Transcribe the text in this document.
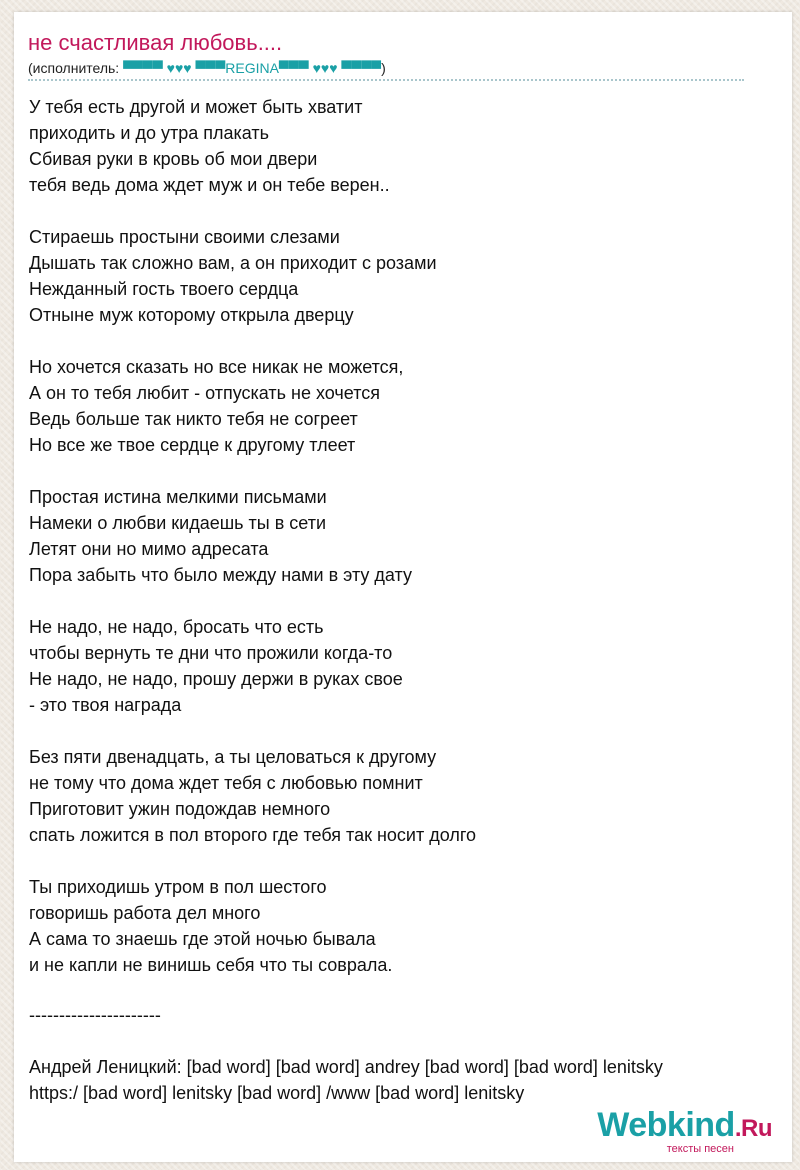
не счастливая любовь....
(исполнитель: ▀▀▀▀ ♥♥♥ ▀▀▀REGINA▀▀▀ ♥♥♥ ▀▀▀▀)
У тебя есть другой и может быть хватит
приходить и до утра плакать
Сбивая руки в кровь об мои двери
тебя ведь дома ждет муж и он тебе верен..
Стираешь простыни своими слезами
Дышать так сложно вам, а он приходит с розами
Нежданный гость твоего сердца
Отныне муж которому открыла дверцу
Но хочется сказать но все никак не можется,
А он то тебя любит - отпускать не хочется
Ведь больше так никто тебя не согреет
Но все же твое сердце к другому тлеет
Простая истина мелкими письмами
Намеки о любви кидаешь ты в сети
Летят они но мимо адресата
Пора забыть что было между нами в эту дату
Не надо, не надо, бросать что есть
чтобы вернуть те дни что прожили когда-то
Не надо, не надо, прошу держи в руках свое
- это твоя награда
Без пяти двенадцать, а ты целоваться к другому
не тому что дома ждет тебя с любовью помнит
Приготовит ужин подождав немного
спать ложится в пол второго где тебя так носит долго
Ты приходишь утром в пол шестого
говоришь работа дел много
А сама то знаешь где этой ночью бывала
и не капли не винишь себя что ты соврала.
----------------------
Андрей Леницкий: [bad word] [bad word] andrey [bad word] [bad word] lenitsky
https:/ [bad word] lenitsky [bad word] /www [bad word] lenitsky
Webkind.Ru
тексты песен
